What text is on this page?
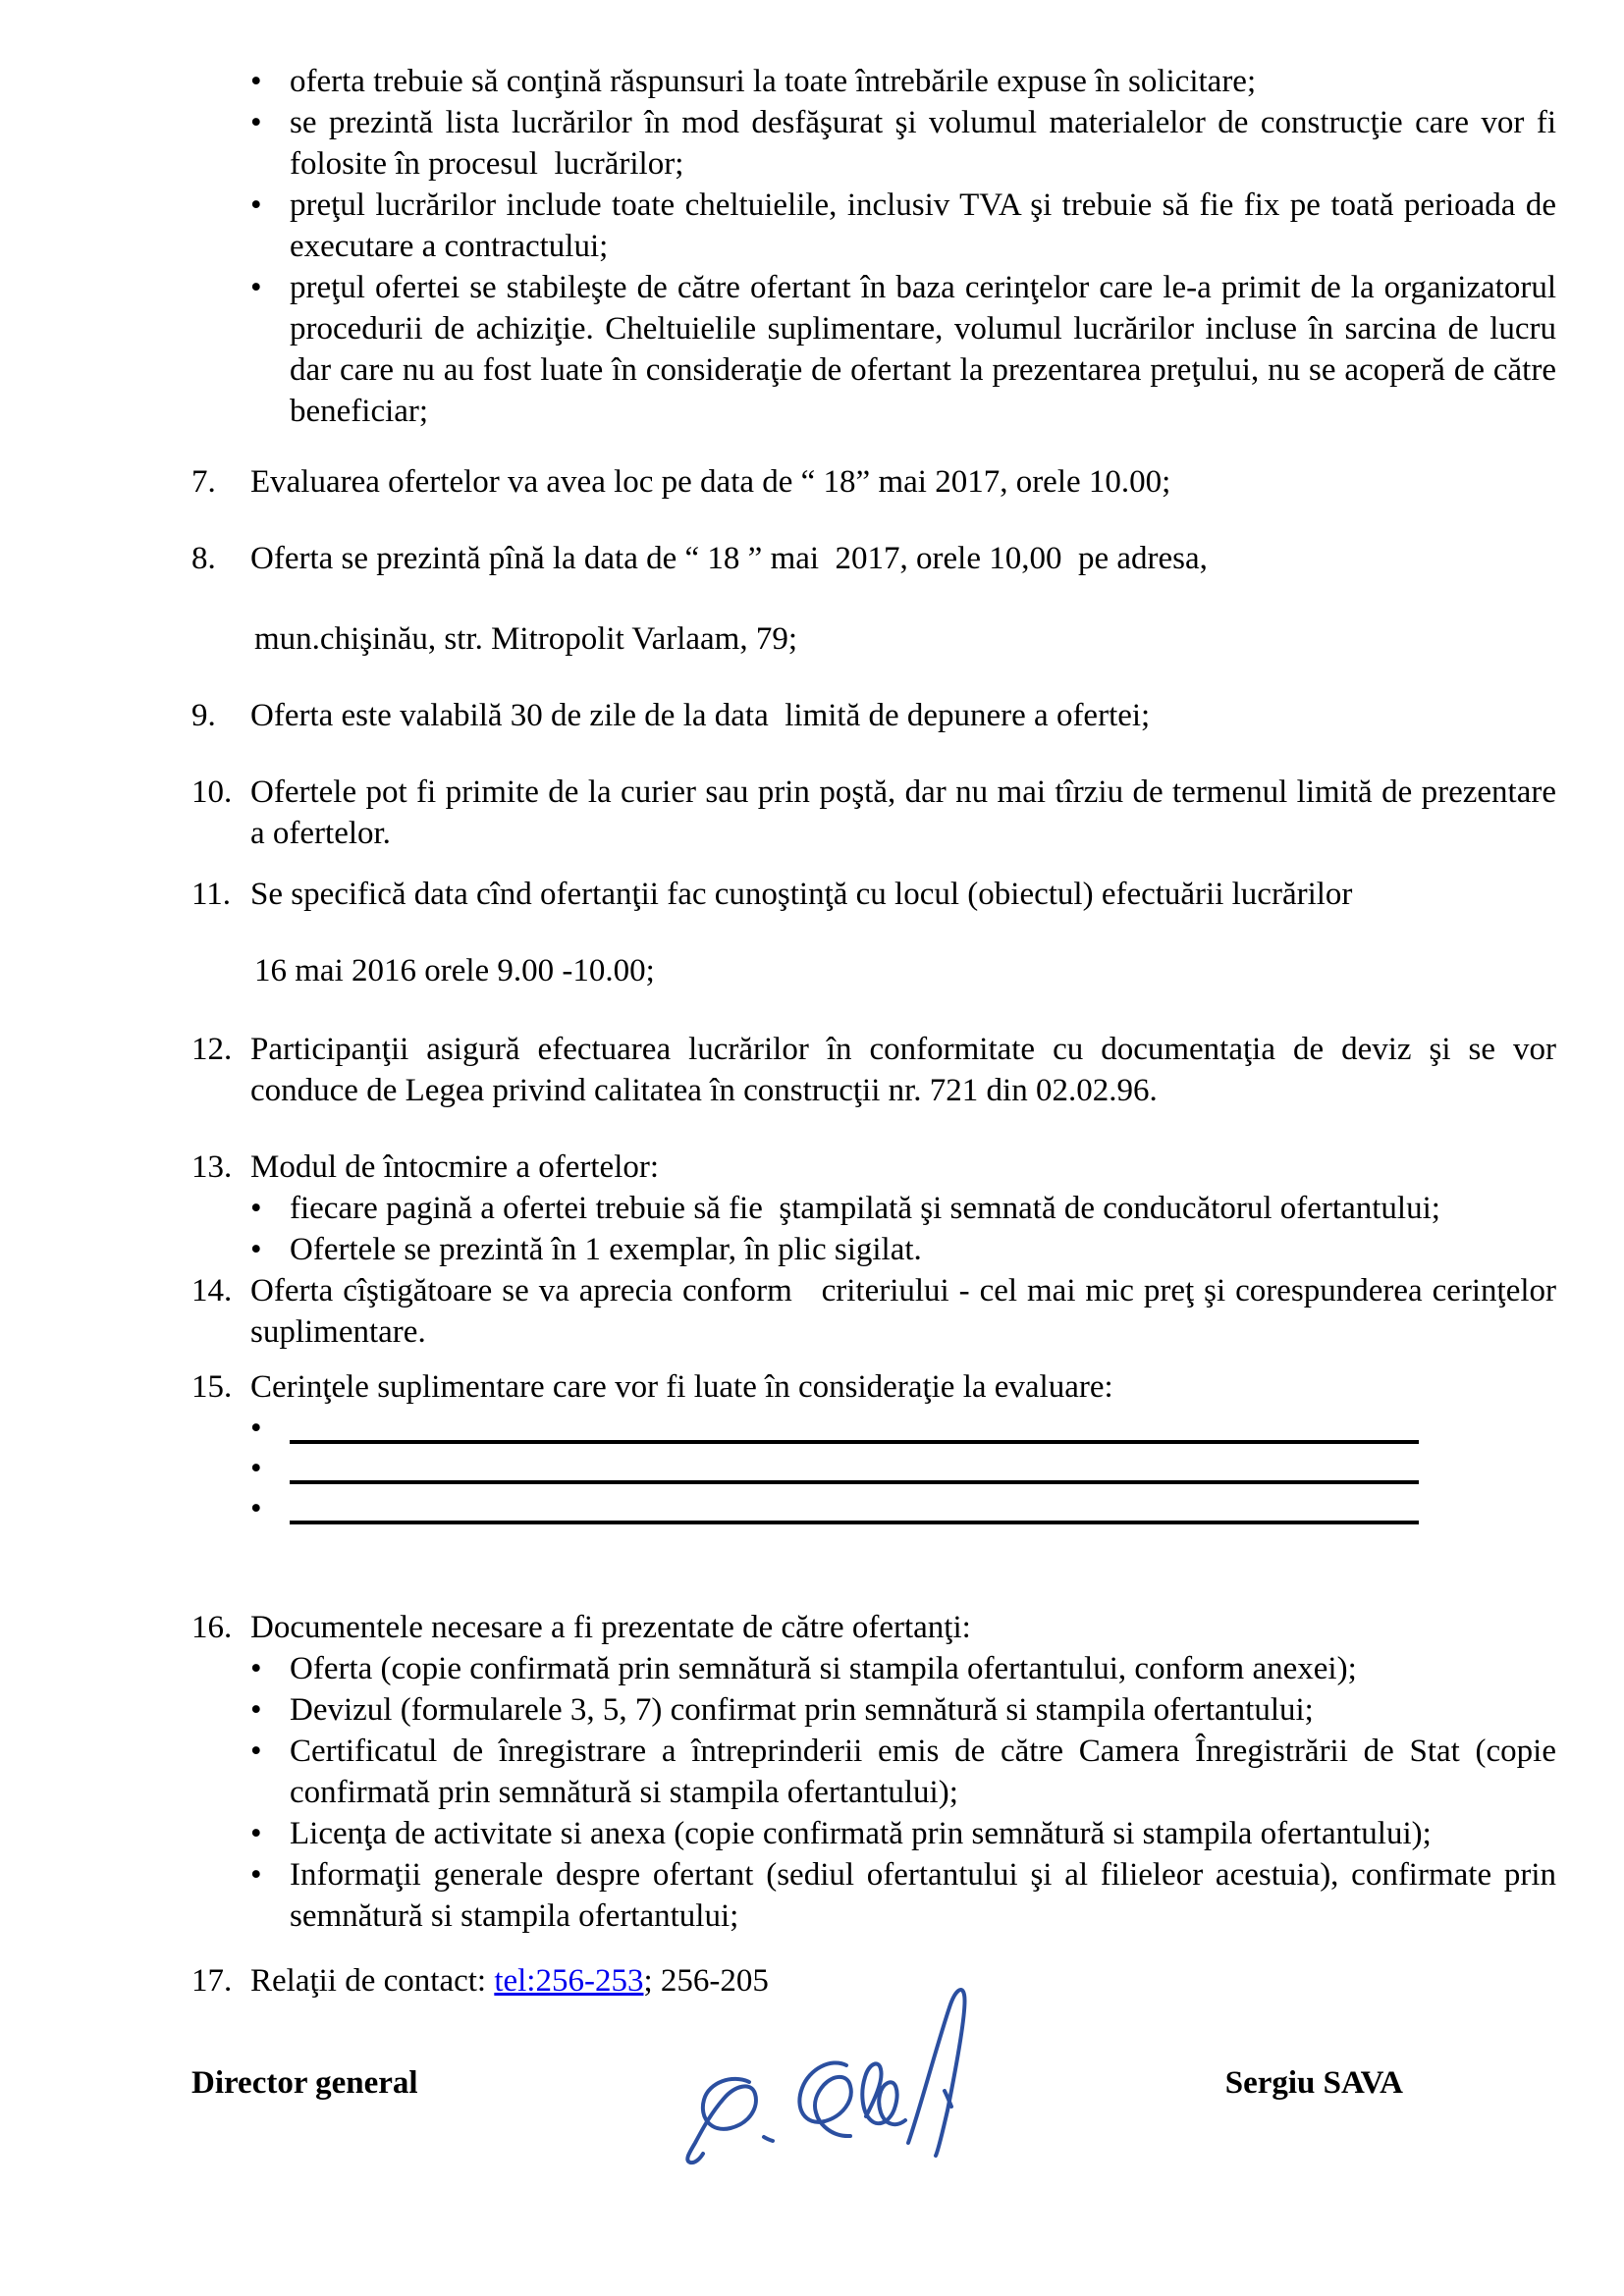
• oferta trebuie să conţină răspunsuri la toate întrebările expuse în solicitare;
• se prezintă lista lucrărilor în mod desfăşurat şi volumul materialelor de construcţie care vor fi folosite în procesul  lucrărilor;
• preţul lucrărilor include toate cheltuielile, inclusiv TVA şi trebuie să fie fix pe toată perioada de executare a contractului;
• preţul ofertei se stabileşte de către ofertant în baza cerinţelor care le-a primit de la organizatorul procedurii de achiziţie. Cheltuielile suplimentare, volumul lucrărilor incluse în sarcina de lucru dar care nu au fost luate în consideraţie de ofertant la prezentarea preţului, nu se acoperă de către beneficiar;
7.	Evaluarea ofertelor va avea loc pe data de “ 18” mai 2017, orele 10.00;
8.	Oferta se prezintă pînă la data de “ 18 ” mai  2017, orele 10,00  pe adresa,
mun.chişinău, str. Mitropolit Varlaam, 79;
9.	Oferta este valabilă 30 de zile de la data  limită de depunere a ofertei;
10. Ofertele pot fi primite de la curier sau prin poştă, dar nu mai tîrziu de termenul limită de prezentare a ofertelor.
11. Se specifică data cînd ofertanţii fac cunoştinţă cu locul (obiectul) efectuării lucrărilor
16 mai 2016 orele 9.00 -10.00;
12. Participanţii asigură efectuarea lucrărilor în conformitate cu documentaţia de deviz şi se vor conduce de Legea privind calitatea în construcţii nr. 721 din 02.02.96.
13. Modul de întocmire a ofertelor:
• fiecare pagină a ofertei trebuie să fie  ştampilată şi semnată de conducătorul ofertantului;
• Ofertele se prezintă în 1 exemplar, în plic sigilat.
14. Oferta cîştigătoare se va aprecia conform   criteriului - cel mai mic preţ şi corespunderea cerinţelor suplimentare.
15. Cerinţele suplimentare care vor fi luate în consideraţie la evaluare:
•
•
•
16. Documentele necesare a fi prezentate de către ofertanţi:
• Oferta (copie confirmată prin semnătură si stampila ofertantului, conform anexei);
• Devizul (formularele 3, 5, 7) confirmat prin semnătură si stampila ofertantului;
• Certificatul de înregistrare a întreprinderii emis de către Camera Înregistrării de Stat (copie confirmată prin semnătură si stampila ofertantului);
• Licenţa de activitate si anexa (copie confirmată prin semnătură si stampila ofertantului);
• Informaţii generale despre ofertant (sediul ofertantului şi al filieleor acestuia), confirmate prin semnătură si stampila ofertantului;
17. Relaţii de contact: tel:256-253; 256-205
Director general	Sergiu SAVA
